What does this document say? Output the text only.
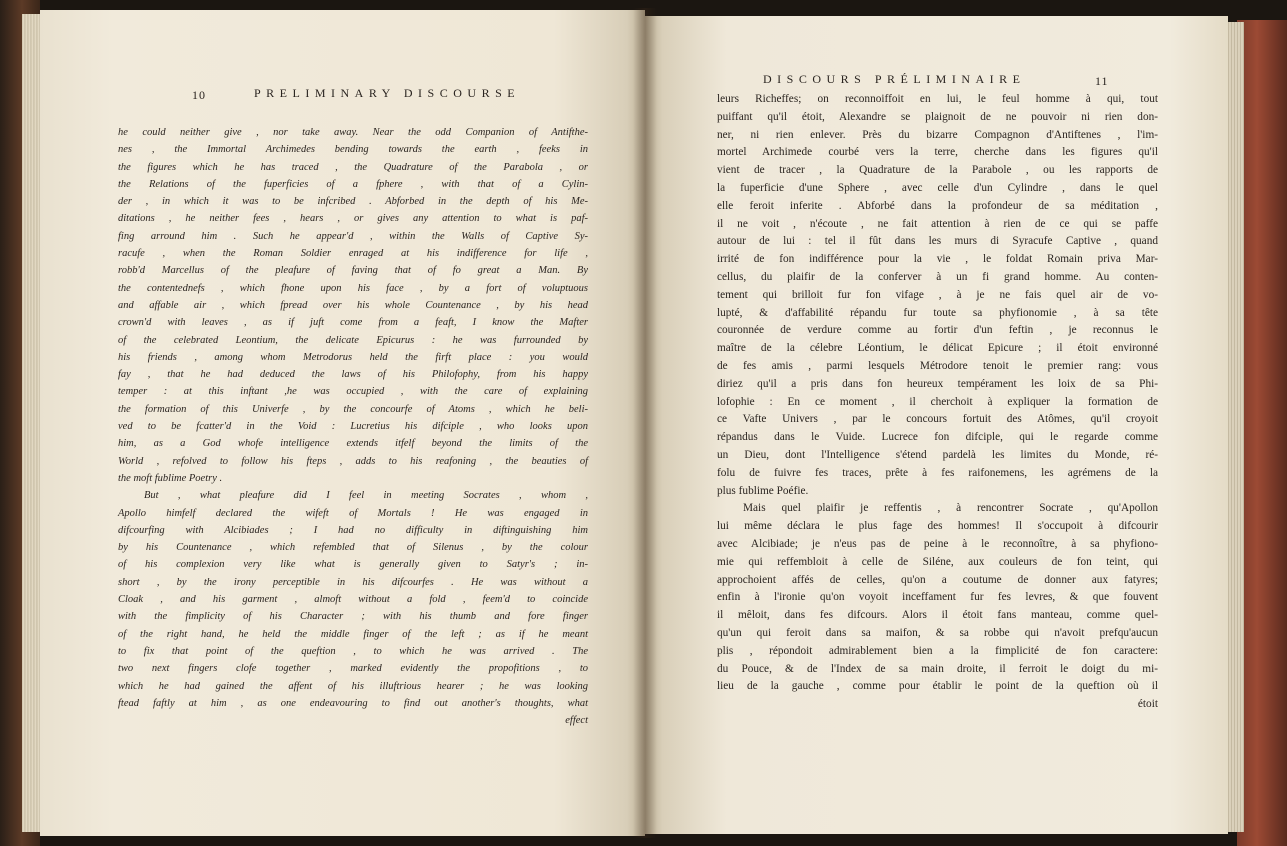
10	PRELIMINARY DISCOURSE
he could neither give , nor take away. Near the odd Companion of Antifthe-
nes , the Immortal Archimedes bending towards the earth , feeks in
the figures which he has traced , the Quadrature of the Parabola , or
the Relations of the fuperficies of a fphere , with that of a Cylin-
der , in which it was to be infcribed . Abforbed in the depth of his Me-
ditations , he neither fees , hears , or gives any attention to what is paf-
fing arround him . Such he appear'd , within the Walls of Captive Sy-
racufe , when the Roman Soldier enraged at his indifference for life ,
robb'd Marcellus of the pleafure of faving that of fo great a Man. By
the contentednefs , which fhone upon his face , by a fort of voluptuous
and affable air , which fpread over his whole Countenance , by his head
crown'd with leaves , as if juft come from a feaft, I know the Mafter
of the celebrated Leontium, the delicate Epicurus : he was furrounded by
his friends , among whom Metrodorus held the firft place : you would
fay , that he had deduced the laws of his Philofophy, from his happy
temper : at this inftant ,he was occupied , with the care of explaining
the formation of this Univerfe , by the concourfe of Atoms , which he beli-
ved to be fcatter'd in the Void : Lucretius his difciple , who looks upon
him, as a God whofe intelligence extends itfelf beyond the limits of the
World , refolved to follow his fteps , adds to his reafoning , the beauties of
the moft fublime Poetry .
But , what pleafure did I feel in meeting Socrates , whom ,
Apollo himfelf declared the wifeft of Mortals ! He was engaged in
difcourfing with Alcibiades ; I had no difficulty in diftinguishing him
by his Countenance , which refembled that of Silenus , by the colour
of his complexion very like what is generally given to Satyr's ; in-
short , by the irony perceptible in his difcourfes . He was without a
Cloak , and his garment , almoft without a fold , feem'd to coincide
with the fimplicity of his Character ; with his thumb and fore finger
of the right hand, he held the middle finger of the left ; as if he meant
to fix that point of the queftion , to which he was arrived . The
two next fingers clofe together , marked evidently the propofitions , to
which he had gained the affent of his illuftrious hearer ; he was looking
ftead faftly at him , as one endeavouring to find out another's thoughts, what
effect
DISCOURS PRÉLIMINAIRE	11
leurs Richeffes; on reconnoiffoit en lui, le feul homme à qui, tout
puiffant qu'il étoit, Alexandre se plaignoit de ne pouvoir ni rien don-
ner, ni rien enlever. Près du bizarre Compagnon d'Antiftenes , l'im-
mortel Archimede courbé vers la terre, cherche dans les figures qu'il
vient de tracer , la Quadrature de la Parabole , ou les rapports de
la fuperficie d'une Sphere , avec celle d'un Cylindre , dans le quel
elle feroit inferite . Abforbé dans la profondeur de sa méditation ,
il ne voit , n'écoute , ne fait attention à rien de ce qui se paffe
autour de lui : tel il fût dans les murs di Syracufe Captive , quand
irrité de fon indifférence pour la vie , le foldat Romain priva Mar-
cellus, du plaifir de la conferver à un fi grand homme. Au conten-
tement qui brilloit fur fon vifage , à je ne fais quel air de vo-
lupté, & d'affabilité répandu fur toute sa phyfionomie , à sa tête
couronnée de verdure comme au fortir d'un feftin , je reconnus le
maître de la célebre Léontium, le délicat Epicure ; il étoit environné
de fes amis , parmi lesquels Métrodore tenoit le premier rang: vous
diriez qu'il a pris dans fon heureux tempérament les loix de sa Phi-
lofophie : En ce moment , il cherchoit à expliquer la formation de
ce Vafte Univers , par le concours fortuit des Atômes, qu'il croyoit
répandus dans le Vuide. Lucrece fon difciple, qui le regarde comme
un Dieu, dont l'Intelligence s'étend pardelà les limites du Monde, ré-
folu de fuivre fes traces, prête à fes raifonemens, les agrémens de la
plus fublime Poéfie.
Mais quel plaifir je reffentis , à rencontrer Socrate , qu'Apollon
lui même déclara le plus fage des hommes! Il s'occupoit à difcourir
avec Alcibiade; je n'eus pas de peine à le reconnoître, à sa phyfiono-
mie qui reffembloit à celle de Siléne, aux couleurs de fon teint, qui
approchoient affés de celles, qu'on a coutume de donner aux fatyres;
enfin à l'ironie qu'on voyoit inceffament fur fes levres, & que fouvent
il mêloit, dans fes difcours. Alors il étoit fans manteau, comme quel-
qu'un qui feroit dans sa maifon, & sa robbe qui n'avoit prefqu'aucun
plis , répondoit admirablement bien a la fimplicité de fon caractere:
du Pouce, & de l'Index de sa main droite, il ferroit le doigt du mi-
lieu de la gauche , comme pour établir le point de la queftion où il
étoit
